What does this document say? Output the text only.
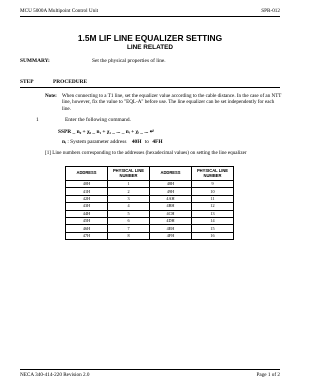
MCU 5000A Multipoint Control Unit	SPR-012
1.5M LIF LINE EQUALIZER SETTING
LINE RELATED
SUMMARY:	Set the physical properties of line.
STEP	PROCEDURE
Note: When connecting to a T1 line, set the equalizer value according to the cable distance. In the case of an NTT line, however, fix the value to "EQL-A" before use. The line equalizer can be set independently for each line.
1	Enter the following command.
SSPR _ n₀ + χ₀ _ n₁ + χ₁ _ ... _ nᵢ + χᵢ _ ... ↵
nᵢ : System parameter address 40H to 4FH
[1] Line numbers corresponding to the addresses (hexadecimal values) on setting the line equalizer
ADDRESS	PHYSICAL LINE NUMBER	ADDRESS	PHYSICAL LINE NUMBER
40H	1	48H	9
41H	2	49H	10
42H	3	4AH	11
43H	4	4BH	12
44H	5	4CH	13
45H	6	4DH	14
46H	7	4EH	15
47H	8	4FH	16
NECA 340-414-220 Revision 2.0	Page 1 of 2
